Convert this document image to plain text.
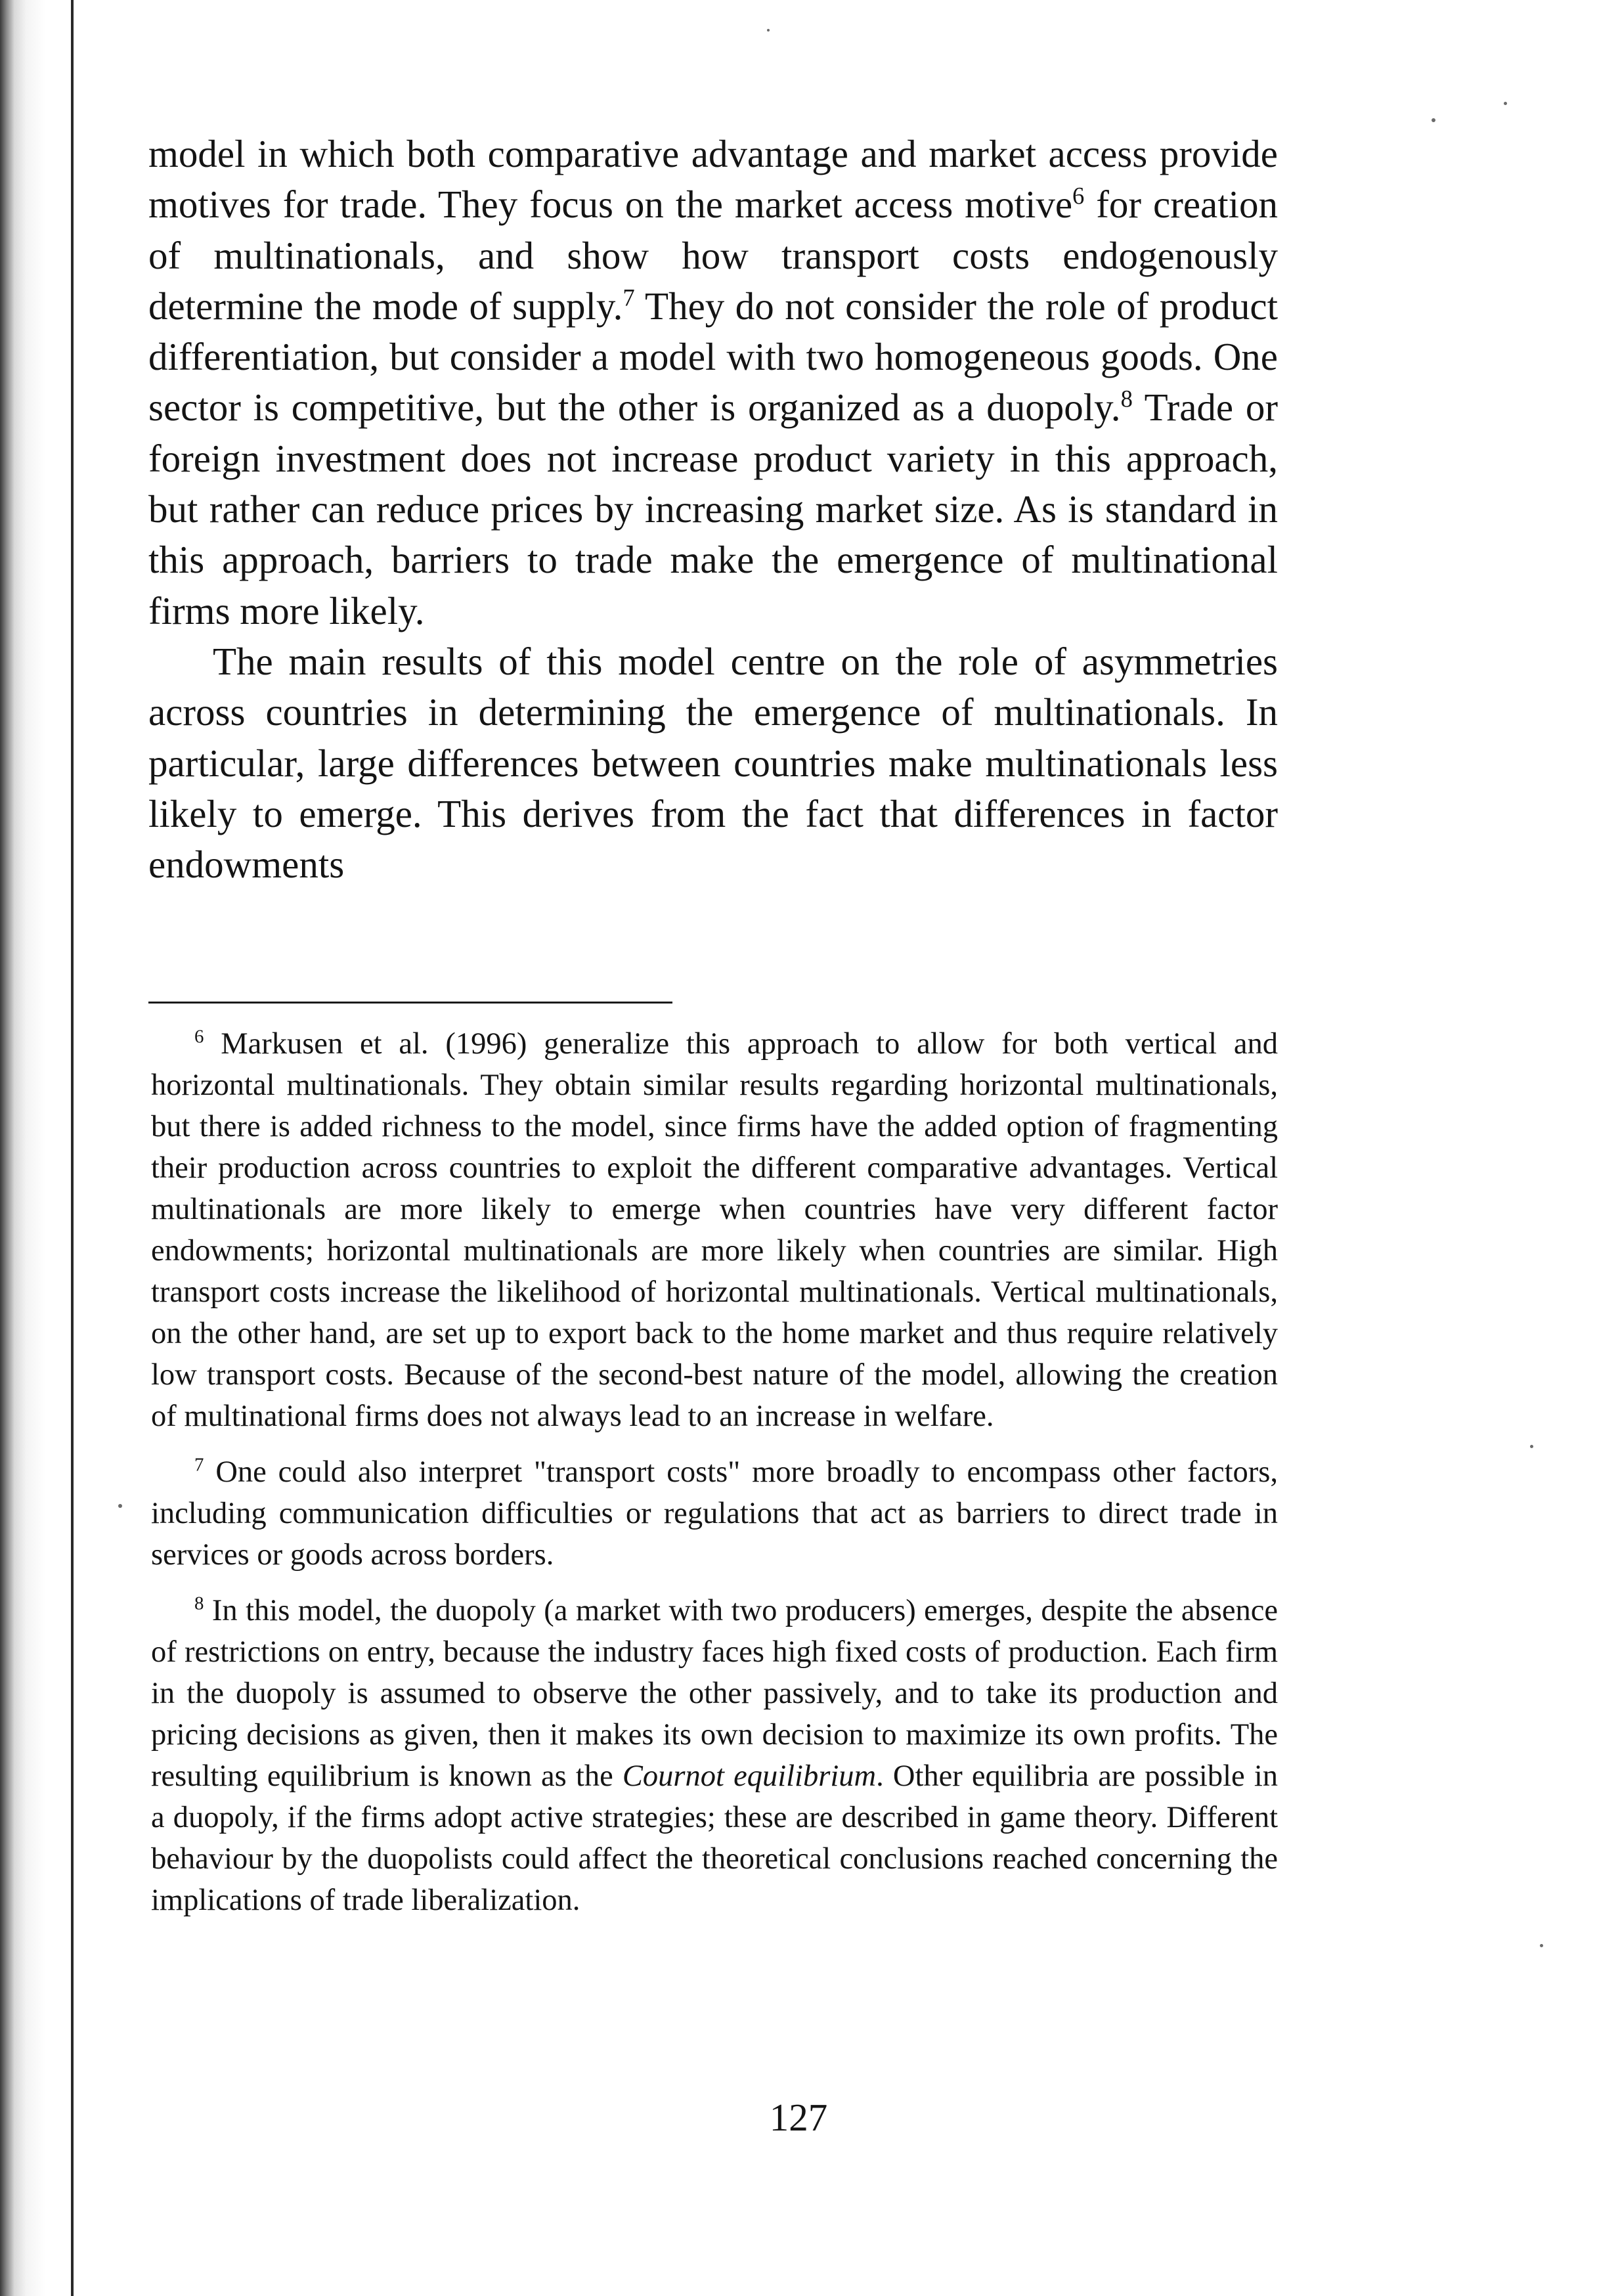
model in which both comparative advantage and market access provide motives for trade. They focus on the market access motive$^6$ for creation of multinationals, and show how transport costs endogenously determine the mode of supply.$^7$ They do not consider the role of product differentiation, but consider a model with two homogeneous goods. One sector is competitive, but the other is organized as a duopoly.$^8$ Trade or foreign investment does not increase product variety in this approach, but rather can reduce prices by increasing market size. As is standard in this approach, barriers to trade make the emergence of multinational firms more likely.

The main results of this model centre on the role of asymmetries across countries in determining the emergence of multinationals. In particular, large differences between countries make multinationals less likely to emerge. This derives from the fact that differences in factor endowments

$^6$ Markusen et al. (1996) generalize this approach to allow for both vertical and horizontal multinationals. They obtain similar results regarding horizontal multinationals, but there is added richness to the model, since firms have the added option of fragmenting their production across countries to exploit the different comparative advantages. Vertical multinationals are more likely to emerge when countries have very different factor endowments; horizontal multinationals are more likely when countries are similar. High transport costs increase the likelihood of horizontal multinationals. Vertical multinationals, on the other hand, are set up to export back to the home market and thus require relatively low transport costs. Because of the second-best nature of the model, allowing the creation of multinational firms does not always lead to an increase in welfare.

$^7$ One could also interpret "transport costs" more broadly to encompass other factors, including communication difficulties or regulations that act as barriers to direct trade in services or goods across borders.

$^8$ In this model, the duopoly (a market with two producers) emerges, despite the absence of restrictions on entry, because the industry faces high fixed costs of production. Each firm in the duopoly is assumed to observe the other passively, and to take its production and pricing decisions as given, then it makes its own decision to maximize its own profits. The resulting equilibrium is known as the Cournot equilibrium. Other equilibria are possible in a duopoly, if the firms adopt active strategies; these are described in game theory. Different behaviour by the duopolists could affect the theoretical conclusions reached concerning the implications of trade liberalization.

127
